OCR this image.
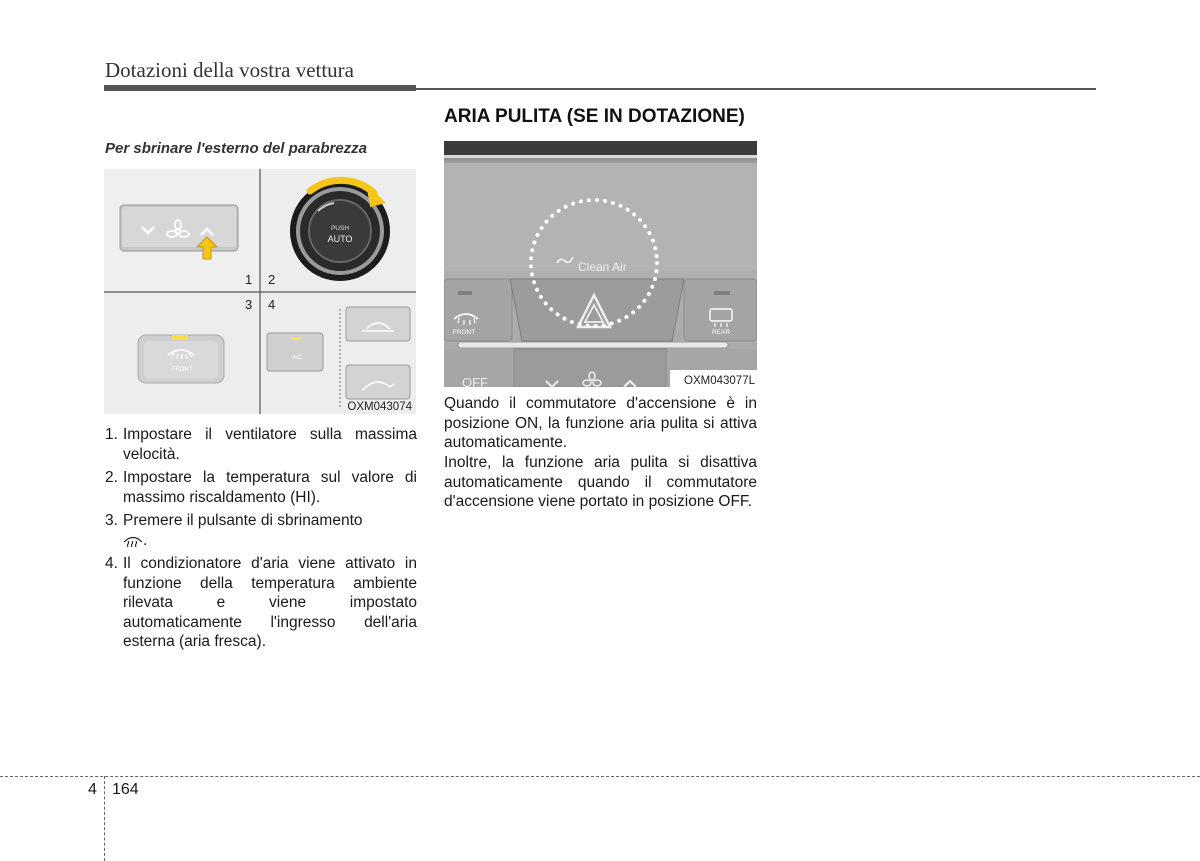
Dotazioni della vostra vettura
Per sbrinare l'esterno del parabrezza
PUSH
AUTO
1 2
3 4
FRONT
A/C
OXM043074
1. Impostare il ventilatore sulla massima velocità.
2. Impostare la temperatura sul valore di massimo riscaldamento (HI).
3. Premere il pulsante di sbrinamento
.
4. Il condizionatore d'aria viene attivato in funzione della temperatura ambiente rilevata e viene impostato automaticamente l'ingresso dell'aria esterna (aria fresca).
ARIA PULITA (SE IN DOTAZIONE)
FRONT	REAR
Clean Air
OFF	OXM043077L

Quando il commutatore d'accensione è in posizione ON, la funzione aria pulita si attiva automaticamente.

Inoltre, la funzione aria pulita si disattiva automaticamente quando il commutatore d'accensione viene portato in posizione OFF.

4 164
